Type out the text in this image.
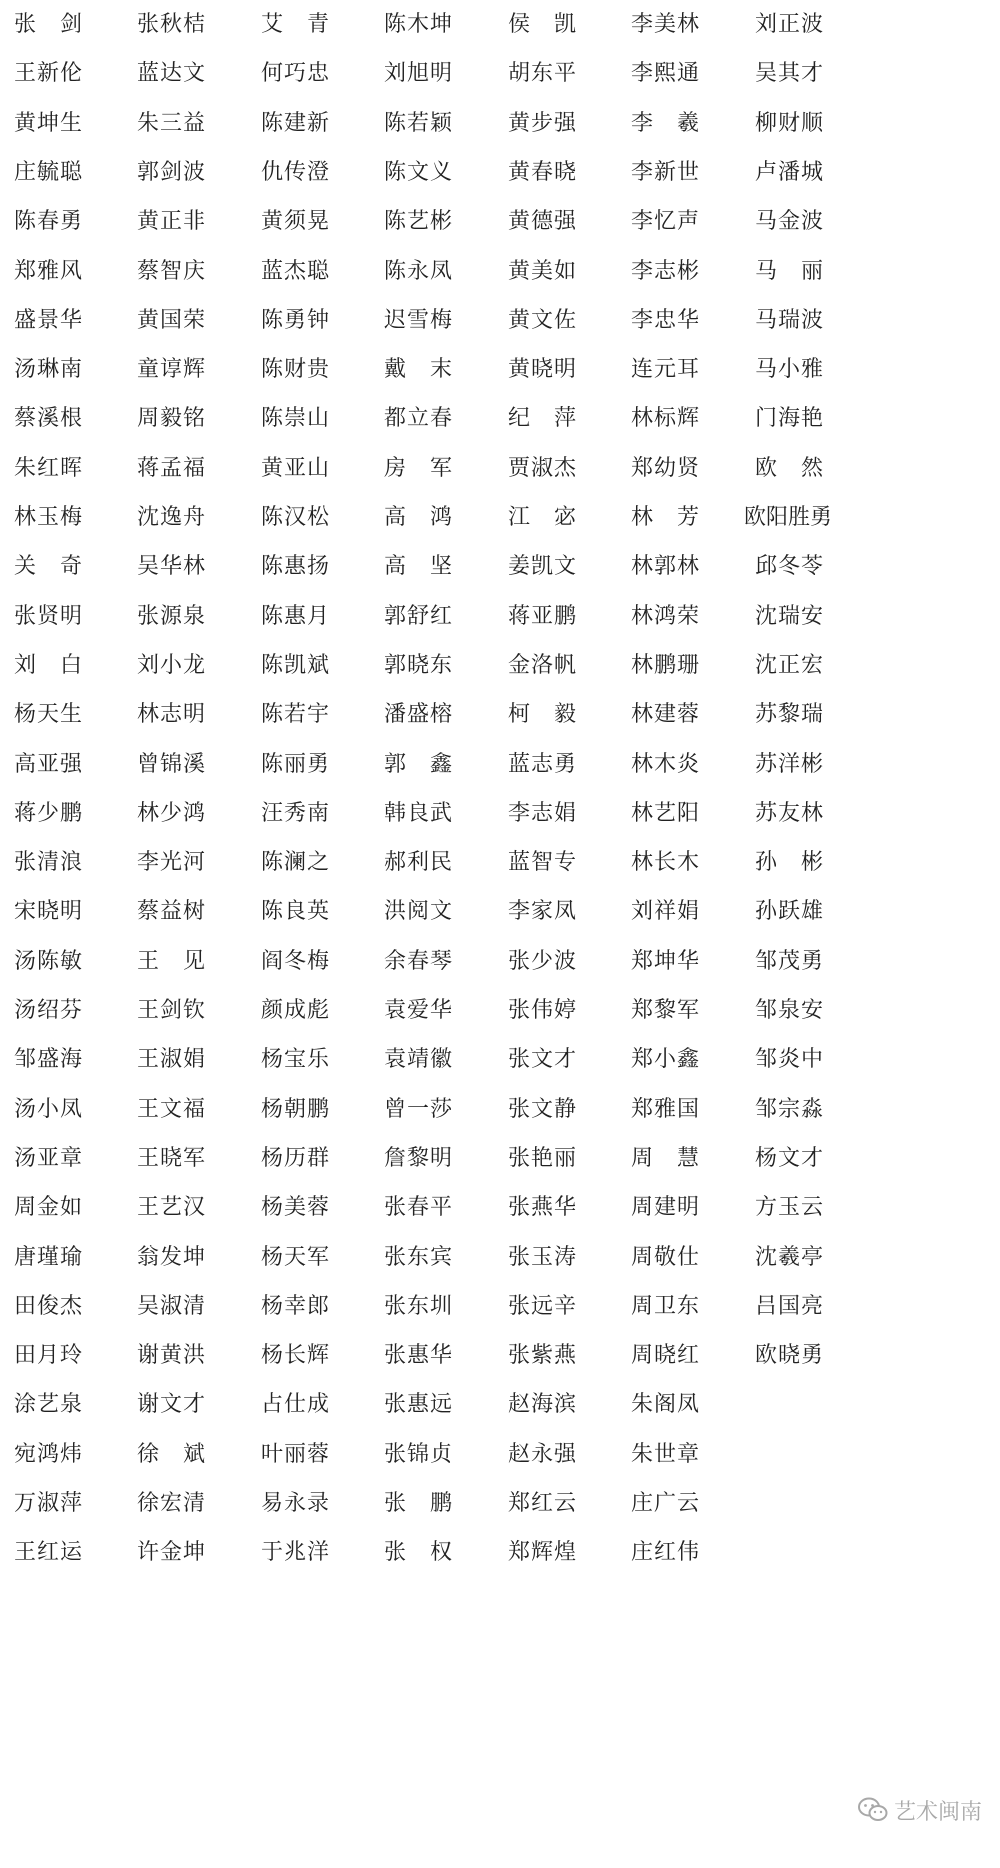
张　剑 张秋桔 艾　青 陈木坤 侯　凯 李美林 刘正波
王新伦 蓝达文 何巧忠 刘旭明 胡东平 李熙通 吴其才
黄坤生 朱三益 陈建新 陈若颖 黄步强 李　羲 柳财顺
庄毓聪 郭剑波 仇传澄 陈文义 黄春晓 李新世 卢潘城
陈春勇 黄正非 黄须晃 陈艺彬 黄德强 李忆声 马金波
郑雅风 蔡智庆 蓝杰聪 陈永凤 黄美如 李志彬 马　丽
盛景华 黄国荣 陈勇钟 迟雪梅 黄文佐 李忠华 马瑞波
汤琳南 童谆辉 陈财贵 戴　末 黄晓明 连元耳 马小雅
蔡溪根 周毅铭 陈崇山 都立春 纪　萍 林标辉 门海艳
朱红晖 蒋孟福 黄亚山 房　军 贾淑杰 郑幼贤 欧　然
林玉梅 沈逸舟 陈汉松 高　鸿 江　宓 林　芳 欧阳胜勇
关　奇 吴华林 陈惠扬 高　坚 姜凯文 林郭林 邱冬苓
张贤明 张源泉 陈惠月 郭舒红 蒋亚鹏 林鸿荣 沈瑞安
刘　白 刘小龙 陈凯斌 郭晓东 金洛帆 林鹏珊 沈正宏
杨天生 林志明 陈若宇 潘盛榕 柯　毅 林建蓉 苏黎瑞
高亚强 曾锦溪 陈丽勇 郭　鑫 蓝志勇 林木炎 苏洋彬
蒋少鹏 林少鸿 汪秀南 韩良武 李志娟 林艺阳 苏友林
张清浪 李光河 陈澜之 郝利民 蓝智专 林长木 孙　彬
宋晓明 蔡益树 陈良英 洪阅文 李家凤 刘祥娟 孙跃雄
汤陈敏 王　见 阎冬梅 余春琴 张少波 郑坤华 邹茂勇
汤绍芬 王剑钦 颜成彪 袁爱华 张伟婷 郑黎军 邹泉安
邹盛海 王淑娟 杨宝乐 袁靖徽 张文才 郑小鑫 邹炎中
汤小凤 王文福 杨朝鹏 曾一莎 张文静 郑雅国 邹宗淼
汤亚章 王晓军 杨历群 詹黎明 张艳丽 周　慧 杨文才
周金如 王艺汉 杨美蓉 张春平 张燕华 周建明 方玉云
唐瑾瑜 翁发坤 杨天军 张东宾 张玉涛 周敬仕 沈羲亭
田俊杰 吴淑清 杨幸郎 张东圳 张远辛 周卫东 吕国亮
田月玲 谢黄洪 杨长辉 张惠华 张紫燕 周晓红 欧晓勇
涂艺泉 谢文才 占仕成 张惠远 赵海滨 朱阁凤
宛鸿炜 徐　斌 叶丽蓉 张锦贞 赵永强 朱世章
万淑萍 徐宏清 易永录 张　鹏 郑红云 庄广云
王红运 许金坤 于兆洋 张　权 郑辉煌 庄红伟
艺术闽南
